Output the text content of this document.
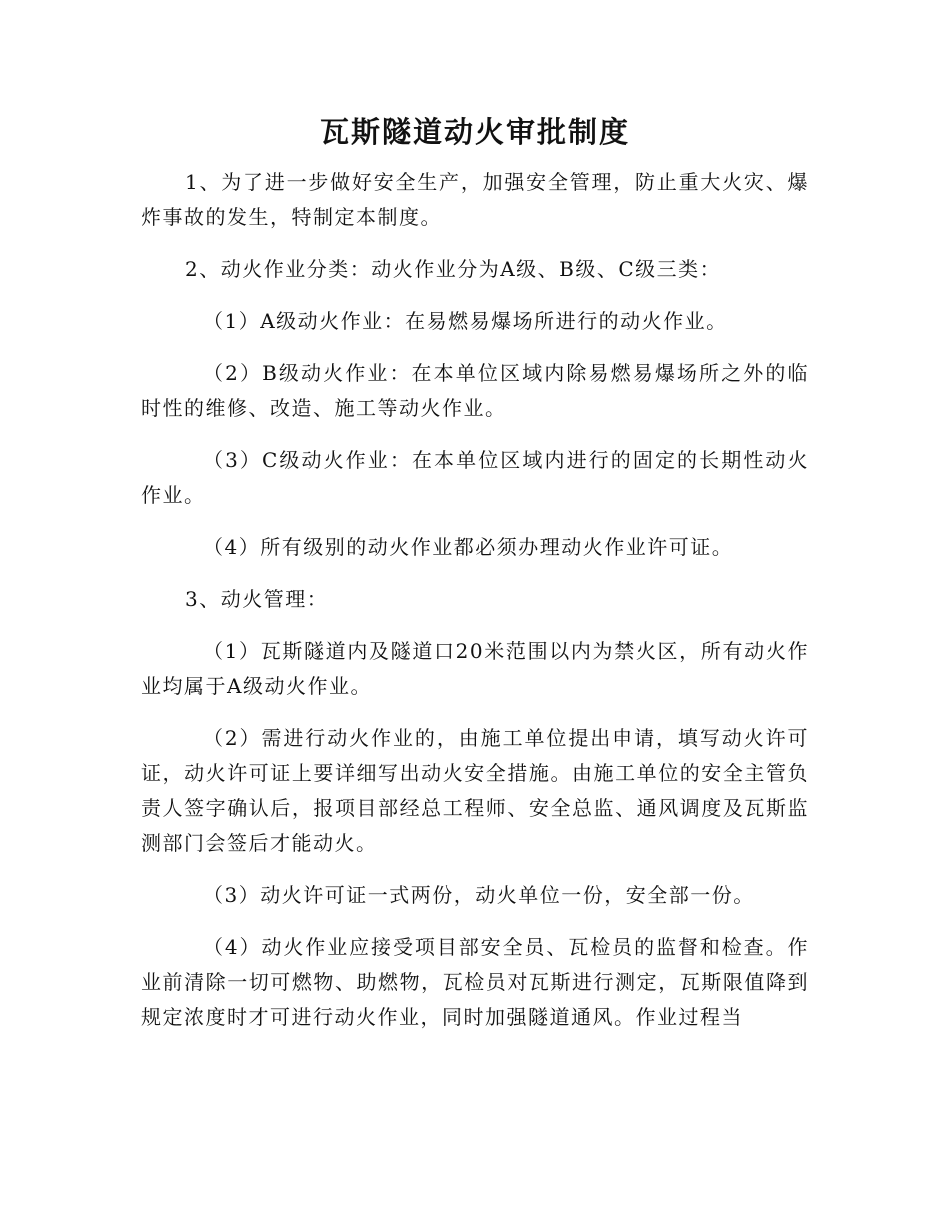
瓦斯隧道动火审批制度

1、为了进一步做好安全生产，加强安全管理，防止重大火灾、爆炸事故的发生，特制定本制度。

2、动火作业分类：动火作业分为A级、B级、C级三类：

（1）A级动火作业：在易燃易爆场所进行的动火作业。

（2）B级动火作业：在本单位区域内除易燃易爆场所之外的临时性的维修、改造、施工等动火作业。

（3）C级动火作业：在本单位区域内进行的固定的长期性动火作业。

（4）所有级别的动火作业都必须办理动火作业许可证。

3、动火管理：

（1）瓦斯隧道内及隧道口20米范围以内为禁火区，所有动火作业均属于A级动火作业。

（2）需进行动火作业的，由施工单位提出申请，填写动火许可证，动火许可证上要详细写出动火安全措施。由施工单位的安全主管负责人签字确认后，报项目部经总工程师、安全总监、通风调度及瓦斯监测部门会签后才能动火。

（3）动火许可证一式两份，动火单位一份，安全部一份。

（4）动火作业应接受项目部安全员、瓦检员的监督和检查。作业前清除一切可燃物、助燃物，瓦检员对瓦斯进行测定，瓦斯限值降到规定浓度时才可进行动火作业，同时加强隧道通风。作业过程当
